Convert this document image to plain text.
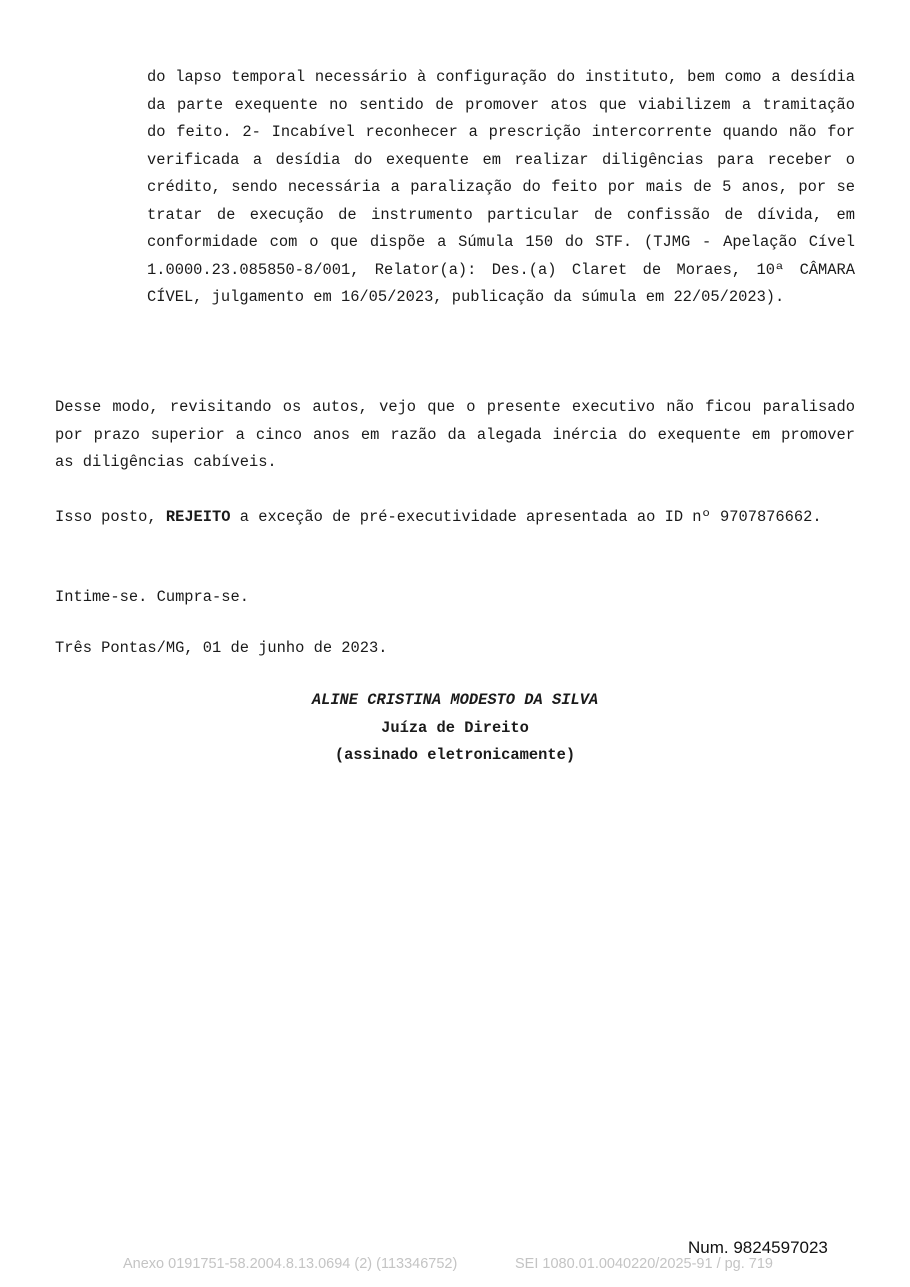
do lapso temporal necessário à configuração do instituto, bem como a desídia da parte exequente no sentido de promover atos que viabilizem a tramitação do feito. 2- Incabível reconhecer a prescrição intercorrente quando não for verificada a desídia do exequente em realizar diligências para receber o crédito, sendo necessária a paralização do feito por mais de 5 anos, por se tratar de execução de instrumento particular de confissão de dívida, em conformidade com o que dispõe a Súmula 150 do STF. (TJMG - Apelação Cível 1.0000.23.085850-8/001, Relator(a): Des.(a) Claret de Moraes, 10ª CÂMARA CÍVEL, julgamento em 16/05/2023, publicação da súmula em 22/05/2023).

Desse modo, revisitando os autos, vejo que o presente executivo não ficou paralisado por prazo superior a cinco anos em razão da alegada inércia do exequente em promover as diligências cabíveis.

Isso posto, REJEITO a exceção de pré-executividade apresentada ao ID nº 9707876662.

Intime-se. Cumpra-se.

Três Pontas/MG, 01 de junho de 2023.

ALINE CRISTINA MODESTO DA SILVA
Juíza de Direito
(assinado eletronicamente)
Num. 9824597023
Anexo 0191751-58.2004.8.13.0694 (2) (113346752)	SEI 1080.01.0040220/2025-91 / pg. 719
